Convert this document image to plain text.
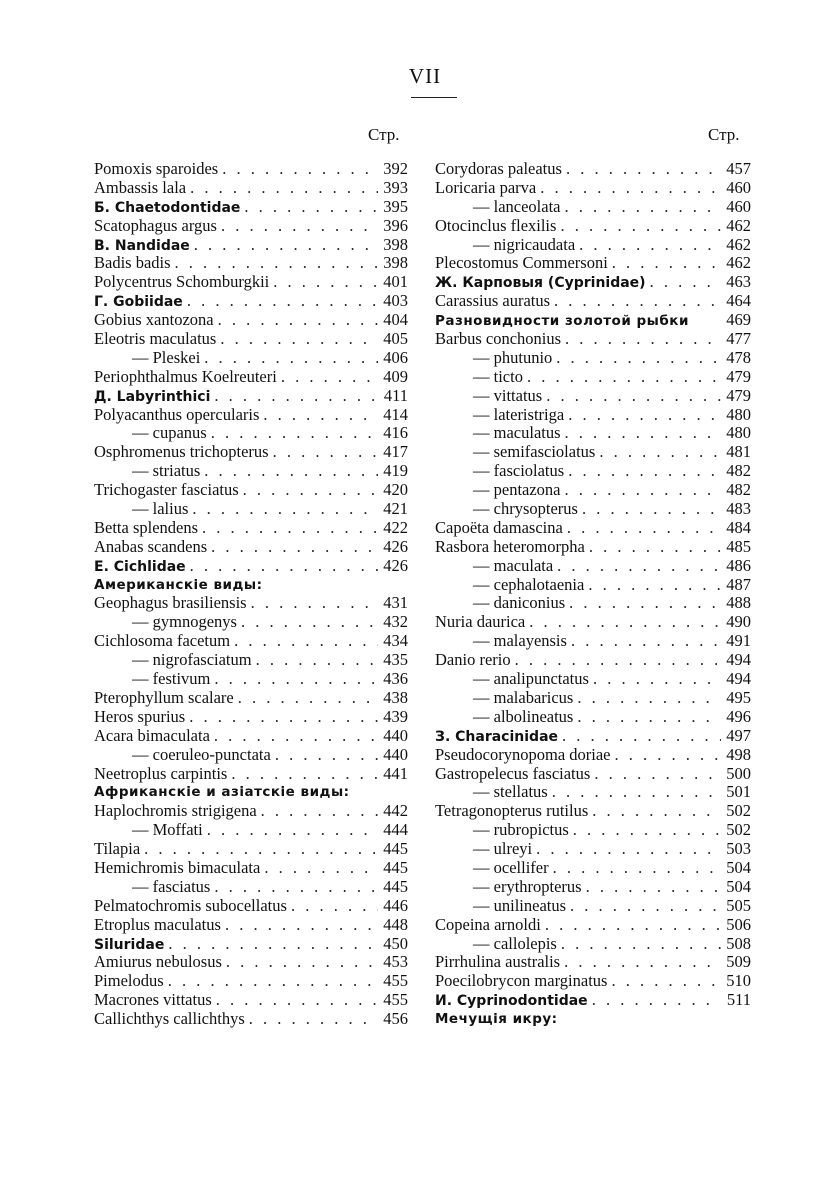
VII
Стр.	Стр.
Pomoxis sparoides . . .	392
Ambassis lala . . .	393
Б. Chaetodontidae . . .	395
Scatophagus argus . . .	396
В. Nandidae . . .	398
Badis badis . . .	398
Polycentrus Schomburgkii . . .	401
Г. Gobiidae . . .	403
Gobius xantozona . . .	404
Eleotris maculatus . . .	405
— Pleskei . . .	406
Periophthalmus Koelreuteri . . .	409
Д. Labyrinthici . . .	411
Polyacanthus opercularis . . .	414
— cupanus . . .	416
Osphromenus trichopterus . . .	417
— striatus . . .	419
Trichogaster fasciatus . . .	420
— lalius . . .	421
Betta splendens . . .	422
Anabas scandens . . .	426
Е. Cichlidae . . .	426
Американскіе виды:
Geophagus brasiliensis . . .	431
— gymnogenys . . .	432
Cichlosoma facetum . . .	434
— nigrofasciatum . . .	435
— festivum . . .	436
Pterophyllum scalare . . .	438
Heros spurius . . .	439
Acara bimaculata . . .	440
— coeruleo-punctata . . .	440
Neetroplus carpintis . . .	441
Африканскіе и азіатскіе виды:
Haplochromis strigigena . . .	442
— Moffati . . .	444
Tilapia . . .	445
Hemichromis bimaculata . . .	445
— fasciatus . . .	445
Pelmatochromis subocellatus . . .	446
Etroplus maculatus . . .	448
Siluridae . . .	450
Amiurus nebulosus . . .	453
Pimelodus . . .	455
Macrones vittatus . . .	455
Callichthys callichthys . . .	456
Corydoras paleatus . . .	457
Loricaria parva . . .	460
— lanceolata . . .	460
Otocinclus flexilis . . .	462
— nigricaudata . . .	462
Plecostomus Commersoni . . .	462
Ж. Карповыя (Cyprinidae) . . .	463
Carassius auratus . . .	464
Разновидности золотой рыбки	469
Barbus conchonius . . .	477
— phutunio . . .	478
— ticto . . .	479
— vittatus . . .	479
— lateristriga . . .	480
— maculatus . . .	480
— semifasciolatus . . .	481
— fasciolatus . . .	482
— pentazona . . .	482
— chrysopterus . . .	483
Capoëta damascina . . .	484
Rasbora heteromorpha . . .	485
— maculata . . .	486
— cephalotaenia . . .	487
— daniconius . . .	488
Nuria daurica . . .	490
— malayensis . . .	491
Danio rerio . . .	494
— analipunctatus . . .	494
— malabaricus . . .	495
— albolineatus . . .	496
З. Characinidae . . .	497
Pseudocorynopoma doriae . . .	498
Gastropelecus fasciatus . . .	500
— stellatus . . .	501
Tetragonopterus rutilus . . .	502
— rubropictus . . .	502
— ulreyi . . .	503
— ocellifer . . .	504
— erythropterus . . .	504
— unilineatus . . .	505
Copeina arnoldi . . .	506
— callolepis . . .	508
Pirrhulina australis . . .	509
Poecilobrycon marginatus . . .	510
И. Cyprinodontidae . . .	511
Мечущія икру:
